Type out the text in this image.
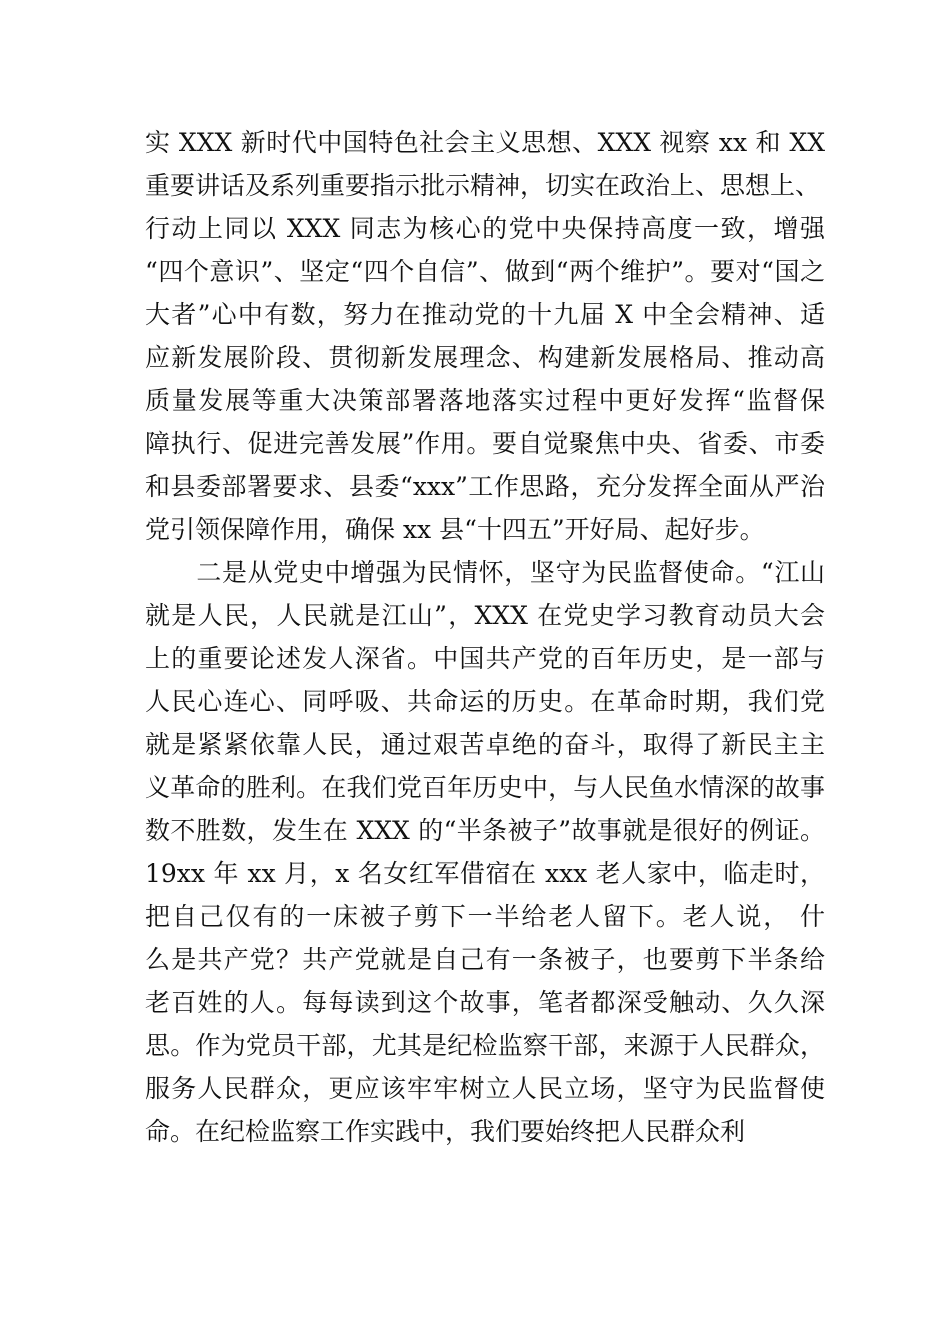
实 XXX 新时代中国特色社会主义思想、XXX 视察 xx 和 XX
重要讲话及系列重要指示批示精神，切实在政治上、思想上、
行动上同以 XXX 同志为核心的党中央保持高度一致，增强
“四个意识”、坚定“四个自信”、做到“两个维护”。要对“国之
大者”心中有数，努力在推动党的十九届 X 中全会精神、适
应新发展阶段、贯彻新发展理念、构建新发展格局、推动高
质量发展等重大决策部署落地落实过程中更好发挥“监督保
障执行、促进完善发展”作用。要自觉聚焦中央、省委、市委
和县委部署要求、县委“xxx”工作思路，充分发挥全面从严治
党引领保障作用，确保 xx 县“十四五”开好局、起好步。
　　二是从党史中增强为民情怀，坚守为民监督使命。“江山
就是人民，人民就是江山”，XXX 在党史学习教育动员大会
上的重要论述发人深省。中国共产党的百年历史，是一部与
人民心连心、同呼吸、共命运的历史。在革命时期，我们党
就是紧紧依靠人民，通过艰苦卓绝的奋斗，取得了新民主主
义革命的胜利。在我们党百年历史中，与人民鱼水情深的故事
数不胜数，发生在 XXX 的“半条被子”故事就是很好的例证。
19xx 年 xx 月，x 名女红军借宿在 xxx 老人家中，临走时，
把自己仅有的一床被子剪下一半给老人留下。老人说， 什
么是共产党？共产党就是自己有一条被子，也要剪下半条给
老百姓的人。每每读到这个故事，笔者都深受触动、久久深
思。作为党员干部，尤其是纪检监察干部，来源于人民群众，
服务人民群众，更应该牢牢树立人民立场，坚守为民监督使
命。在纪检监察工作实践中，我们要始终把人民群众利
